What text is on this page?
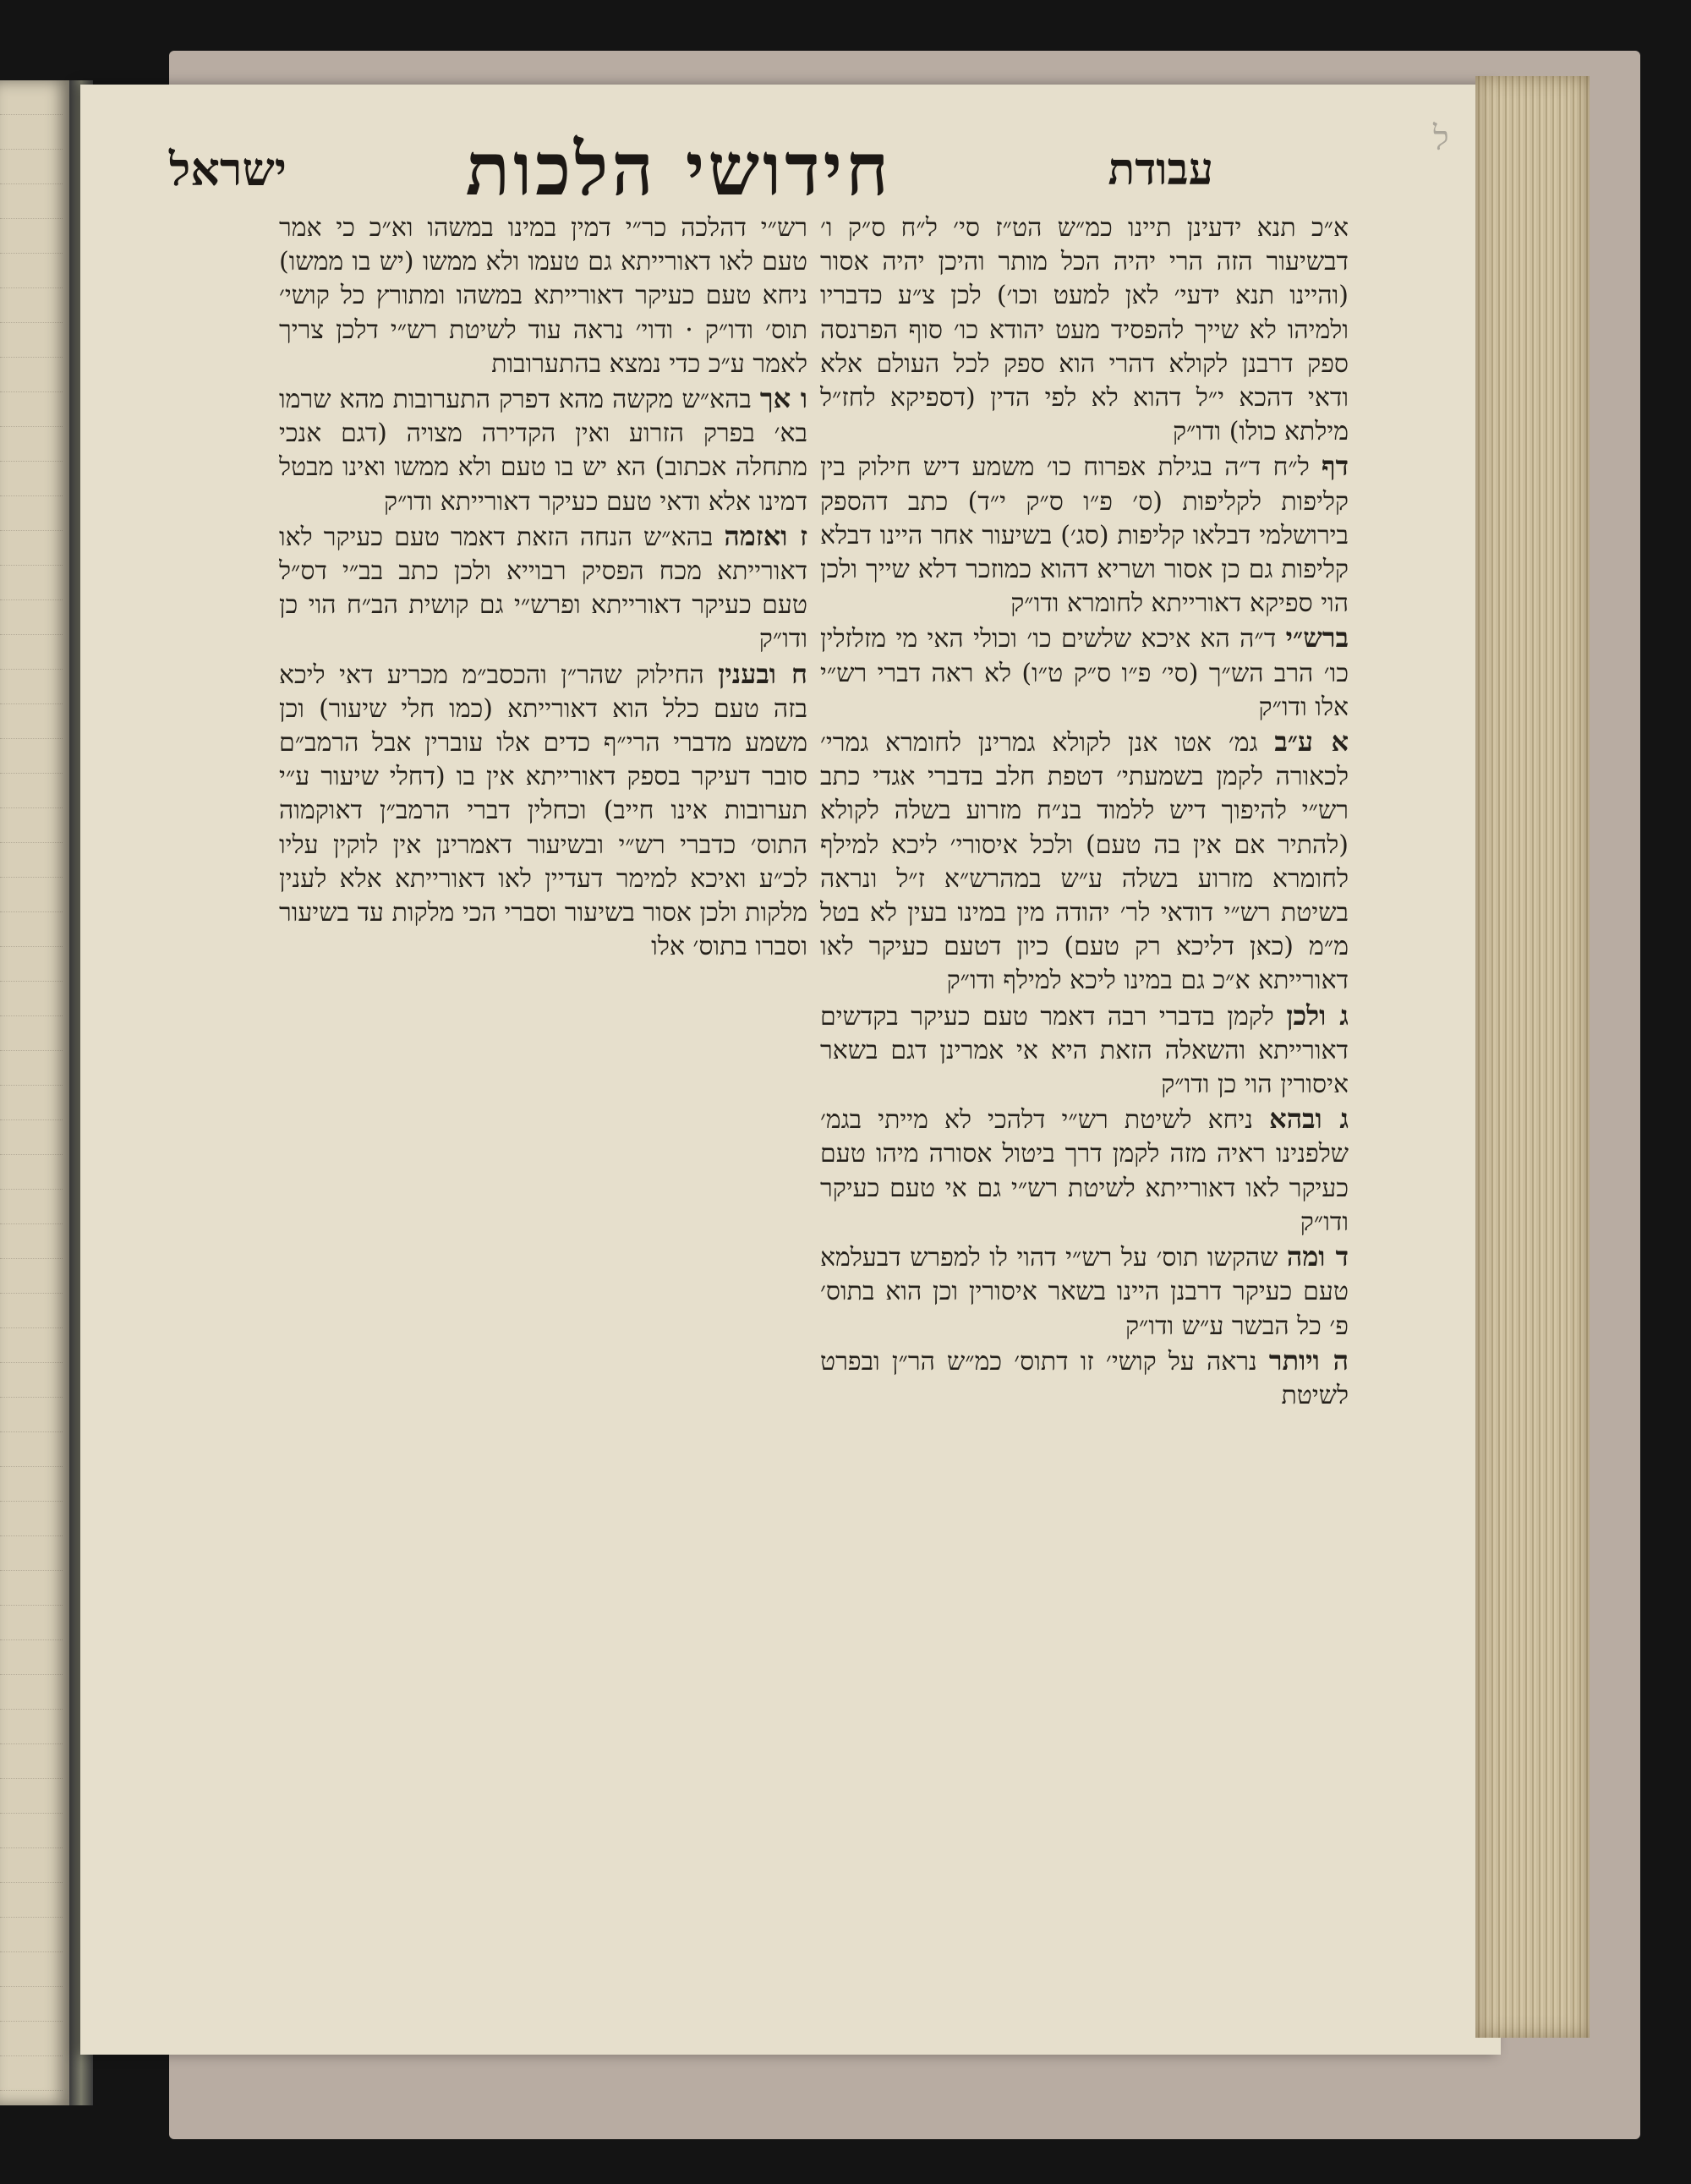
ל
עבודת
חידושי הלכות
ישראל

א״כ תנא ידעינן תיינו כמ״ש הט״ז סי׳ ל״ח ס״ק ו׳ דבשיעור הזה הרי יהיה הכל מותר והיכן יהיה אסור (והיינו תנא ידעי׳ לאן למעט וכו׳) לכן צ״ע כדבריו ולמיהו לא שייך להפסיד מעט יהודא כו׳ סוף הפרנסה ספק דרבנן לקולא דהרי הוא ספק לכל העולם אלא ודאי דהכא י״ל דהוא לא לפי הדין (דספיקא לחז״ל מילתא כולו) ודו״ק

דף ל״ח ד״ה בגילת אפרוח כו׳ משמע דיש חילוק בין קליפות לקליפות (ס׳ פ״ו ס״ק י״ד) כתב דהספק בירושלמי דבלאו קליפות (סג׳) בשיעור אחר היינו דבלא קליפות גם כן אסור ושריא דהוא כמוזכר דלא שייך ולכן הוי ספיקא דאורייתא לחומרא ודו״ק

ברש״י ד״ה הא איכא שלשים כו׳ וכולי האי מי מזלזלין כו׳ הרב הש״ך (סי׳ פ״ו ס״ק ט״ו) לא ראה דברי רש״י אלו ודו״ק

א ע״ב גמ׳ אטו אנן לקולא גמרינן לחומרא גמרי׳ לכאורה לקמן בשמעתי׳ דטפת חלב בדברי אגדי כתב רש״י להיפוך דיש ללמוד בנ״ח מזרוע בשלה לקולא (להתיר אם אין בה טעם) ולכל איסורי׳ ליכא למילף לחומרא מזרוע בשלה ע״ש במהרש״א ז״ל ונראה בשיטת רש״י דודאי לר׳ יהודה מין במינו בעין לא בטל מ״מ (כאן דליכא רק טעם) כיון דטעם כעיקר לאו דאורייתא א״כ גם במינו ליכא למילף ודו״ק

ג ולכן לקמן בדברי רבה דאמר טעם כעיקר בקדשים דאורייתא והשאלה הזאת היא אי אמרינן דגם בשאר איסורין הוי כן ודו״ק

ג ובהא ניחא לשיטת רש״י דלהכי לא מייתי בגמ׳ שלפנינו ראיה מזה לקמן דרך ביטול אסורה מיהו טעם כעיקר לאו דאורייתא לשיטת רש״י גם אי טעם כעיקר ודו״ק

ד ומה שהקשו תוס׳ על רש״י דהוי לו למפרש דבעלמא טעם כעיקר דרבנן היינו בשאר איסורין וכן הוא בתוס׳ פ׳ כל הבשר ע״ש ודו״ק

ה ויותר נראה על קושי׳ זו דתוס׳ כמ״ש הר״ן ובפרט לשיטת

רש״י דהלכה כר״י דמין במינו במשהו וא״כ כי אמר טעם לאו דאורייתא גם טעמו ולא ממשו (יש בו ממשו) ניחא טעם כעיקר דאורייתא במשהו ומתורץ כל קושי׳ תוס׳ ודו״ק · ודוי׳ נראה עוד לשיטת רש״י דלכן צריך לאמר ע״כ כדי נמצא בהתערובות

ו אך בהא״ש מקשה מהא דפרק התערובות מהא שרמו בא׳ בפרק הזרוע ואין הקדירה מצויה (דגם אנכי מתחלה אכתוב) הא יש בו טעם ולא ממשו ואינו מבטל דמינו אלא ודאי טעם כעיקר דאורייתא ודו״ק

ז ואזמה בהא״ש הנחה הזאת דאמר טעם כעיקר לאו דאורייתא מכח הפסיק רבוייא ולכן כתב בב״י דס״ל טעם כעיקר דאורייתא ופרש״י גם קושית הב״ח הוי כן ודו״ק

ח ובענין החילוק שהר״ן והכסב״מ מכריע דאי ליכא בזה טעם כלל הוא דאורייתא (כמו חלי שיעור) וכן משמע מדברי הרי״ף כדים אלו עוברין אבל הרמב״ם סובר דעיקר בספק דאורייתא אין בו (דחלי שיעור ע״י תערובות אינו חייב) וכחלין דברי הרמב״ן דאוקמוה התוס׳ כדברי רש״י ובשיעור דאמרינן אין לוקין עליו לכ״ע ואיכא למימר דעדיין לאו דאורייתא אלא לענין מלקות ולכן אסור בשיעור וסברי הכי מלקות עד בשיעור וסברו בתוס׳ אלו
